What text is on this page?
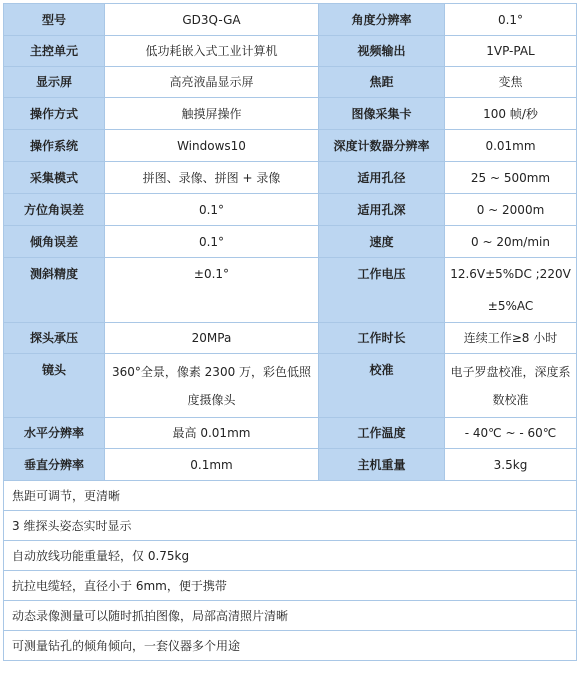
型号	GD3Q-GA	角度分辨率	0.1°
主控单元	低功耗嵌入式工业计算机	视频输出	1VP-PAL
显示屏	高亮液晶显示屏	焦距	变焦
操作方式	触摸屏操作	图像采集卡	100 帧/秒
操作系统	Windows10	深度计数器分辨率	0.01mm
采集模式	拼图、录像、拼图 + 录像	适用孔径	25 ~ 500mm
方位角误差	0.1°	适用孔深	0 ~ 2000m
倾角误差	0.1°	速度	0 ~ 20m/min
测斜精度	±0.1°	工作电压	12.6V±5%DC ;220V ±5%AC
探头承压	20MPa	工作时长	连续工作≥8 小时
镜头	360°全景，像素 2300 万，彩色低照度摄像头	校准	电子罗盘校准，深度系数校准
水平分辨率	最高 0.01mm	工作温度	- 40℃ ~ - 60℃
垂直分辨率	0.1mm	主机重量	3.5kg
焦距可调节，更清晰			
3 维探头姿态实时显示			
自动放线功能重量轻，仅 0.75kg			
抗拉电缆轻，直径小于 6mm，便于携带			
动态录像测量可以随时抓拍图像，局部高清照片清晰			
可测量钻孔的倾角倾向，一套仪器多个用途			
